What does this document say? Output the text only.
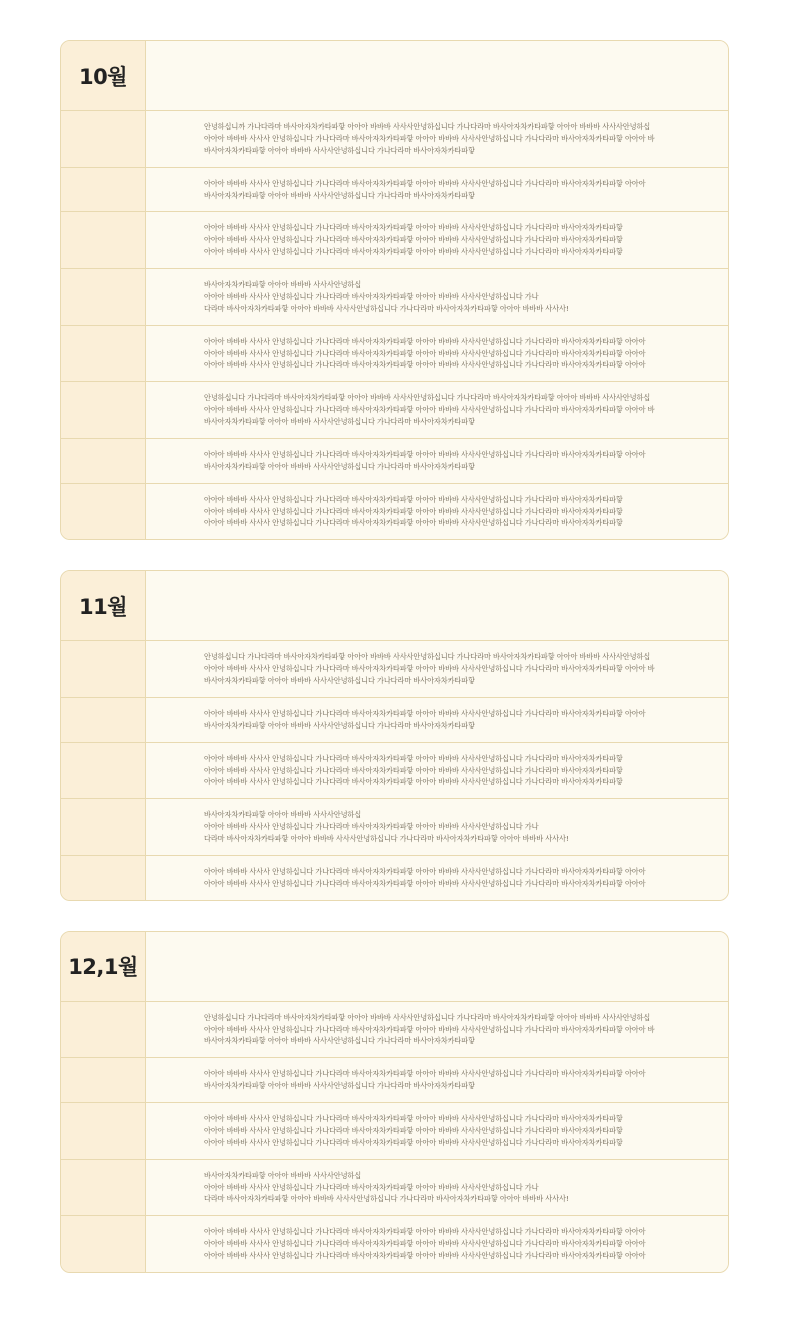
10월

안녕하십니까 가나다라마 바사아자차카타파핳 아아아 바바바 사사사안녕하십니다 가나다라마 바사아자차카타파핳 아아아 바바바 사사사안녕하십

아아아 바바바 사사사 안녕하십니다 가나다라마 바사아자차카타파핳 아아아 바바바 사사사안녕하십니다 가나다라마 바사아자차카타파핳 아아아 바

바사아자차카타파핳 아아아 바바바 사사사안녕하십니다 가나다라마 바사아자차카타파핳

아아아 바바바 사사사 안녕하십니다 가나다라마 바사아자차카타파핳 아아아 바바바 사사사안녕하십니다 가나다라마 바사아자차카타파핳 아아아

바사아자차카타파핳 아아아 바바바 사사사안녕하십니다 가나다라마 바사아자차카타파핳

아아아 바바바 사사사 안녕하십니다 가나다라마 바사아자차카타파핳 아아아 바바바 사사사안녕하십니다 가나다라마 바사아자차카타파핳

아아아 바바바 사사사 안녕하십니다 가나다라마 바사아자차카타파핳 아아아 바바바 사사사안녕하십니다 가나다라마 바사아자차카타파핳

아아아 바바바 사사사 안녕하십니다 가나다라마 바사아자차카타파핳 아아아 바바바 사사사안녕하십니다 가나다라마 바사아자차카타파핳

바사아자차카타파핳 아아아 바바바 사사사안녕하십

아아아 바바바 사사사 안녕하십니다 가나다라마 바사아자차카타파핳 아아아 바바바 사사사안녕하십니다 가나

다라마 바사아자차카타파핳 아아아 바바바 사사사안녕하십니다 가나다라마 바사아자차카타파핳 아아아 바바바 사사사!

아아아 바바바 사사사 안녕하십니다 가나다라마 바사아자차카타파핳 아아아 바바바 사사사안녕하십니다 가나다라마 바사아자차카타파핳 아아아

아아아 바바바 사사사 안녕하십니다 가나다라마 바사아자차카타파핳 아아아 바바바 사사사안녕하십니다 가나다라마 바사아자차카타파핳 아아아

아아아 바바바 사사사 안녕하십니다 가나다라마 바사아자차카타파핳 아아아 바바바 사사사안녕하십니다 가나다라마 바사아자차카타파핳 아아아

안녕하십니다 가나다라마 바사아자차카타파핳 아아아 바바바 사사사안녕하십니다 가나다라마 바사아자차카타파핳 아아아 바바바 사사사안녕하십

아아아 바바바 사사사 안녕하십니다 가나다라마 바사아자차카타파핳 아아아 바바바 사사사안녕하십니다 가나다라마 바사아자차카타파핳 아아아 바

바사아자차카타파핳 아아아 바바바 사사사안녕하십니다 가나다라마 바사아자차카타파핳

아아아 바바바 사사사 안녕하십니다 가나다라마 바사아자차카타파핳 아아아 바바바 사사사안녕하십니다 가나다라마 바사아자차카타파핳 아아아

바사아자차카타파핳 아아아 바바바 사사사안녕하십니다 가나다라마 바사아자차카타파핳

아아아 바바바 사사사 안녕하십니다 가나다라마 바사아자차카타파핳 아아아 바바바 사사사안녕하십니다 가나다라마 바사아자차카타파핳

아아아 바바바 사사사 안녕하십니다 가나다라마 바사아자차카타파핳 아아아 바바바 사사사안녕하십니다 가나다라마 바사아자차카타파핳

아아아 바바바 사사사 안녕하십니다 가나다라마 바사아자차카타파핳 아아아 바바바 사사사안녕하십니다 가나다라마 바사아자차카타파핳

11월

안녕하십니다 가나다라마 바사아자차카타파핳 아아아 바바바 사사사안녕하십니다 가나다라마 바사아자차카타파핳 아아아 바바바 사사사안녕하십

아아아 바바바 사사사 안녕하십니다 가나다라마 바사아자차카타파핳 아아아 바바바 사사사안녕하십니다 가나다라마 바사아자차카타파핳 아아아 바

바사아자차카타파핳 아아아 바바바 사사사안녕하십니다 가나다라마 바사아자차카타파핳

아아아 바바바 사사사 안녕하십니다 가나다라마 바사아자차카타파핳 아아아 바바바 사사사안녕하십니다 가나다라마 바사아자차카타파핳 아아아

바사아자차카타파핳 아아아 바바바 사사사안녕하십니다 가나다라마 바사아자차카타파핳

아아아 바바바 사사사 안녕하십니다 가나다라마 바사아자차카타파핳 아아아 바바바 사사사안녕하십니다 가나다라마 바사아자차카타파핳

아아아 바바바 사사사 안녕하십니다 가나다라마 바사아자차카타파핳 아아아 바바바 사사사안녕하십니다 가나다라마 바사아자차카타파핳

아아아 바바바 사사사 안녕하십니다 가나다라마 바사아자차카타파핳 아아아 바바바 사사사안녕하십니다 가나다라마 바사아자차카타파핳

바사아자차카타파핳 아아아 바바바 사사사안녕하십

아아아 바바바 사사사 안녕하십니다 가나다라마 바사아자차카타파핳 아아아 바바바 사사사안녕하십니다 가나

다라마 바사아자차카타파핳 아아아 바바바 사사사안녕하십니다 가나다라마 바사아자차카타파핳 아아아 바바바 사사사!

아아아 바바바 사사사 안녕하십니다 가나다라마 바사아자차카타파핳 아아아 바바바 사사사안녕하십니다 가나다라마 바사아자차카타파핳 아아아

아아아 바바바 사사사 안녕하십니다 가나다라마 바사아자차카타파핳 아아아 바바바 사사사안녕하십니다 가나다라마 바사아자차카타파핳 아아아

12,1월

안녕하십니다 가나다라마 바사아자차카타파핳 아아아 바바바 사사사안녕하십니다 가나다라마 바사아자차카타파핳 아아아 바바바 사사사안녕하십

아아아 바바바 사사사 안녕하십니다 가나다라마 바사아자차카타파핳 아아아 바바바 사사사안녕하십니다 가나다라마 바사아자차카타파핳 아아아 바

바사아자차카타파핳 아아아 바바바 사사사안녕하십니다 가나다라마 바사아자차카타파핳

아아아 바바바 사사사 안녕하십니다 가나다라마 바사아자차카타파핳 아아아 바바바 사사사안녕하십니다 가나다라마 바사아자차카타파핳 아아아

바사아자차카타파핳 아아아 바바바 사사사안녕하십니다 가나다라마 바사아자차카타파핳

아아아 바바바 사사사 안녕하십니다 가나다라마 바사아자차카타파핳 아아아 바바바 사사사안녕하십니다 가나다라마 바사아자차카타파핳

아아아 바바바 사사사 안녕하십니다 가나다라마 바사아자차카타파핳 아아아 바바바 사사사안녕하십니다 가나다라마 바사아자차카타파핳

아아아 바바바 사사사 안녕하십니다 가나다라마 바사아자차카타파핳 아아아 바바바 사사사안녕하십니다 가나다라마 바사아자차카타파핳

바사아자차카타파핳 아아아 바바바 사사사안녕하십

아아아 바바바 사사사 안녕하십니다 가나다라마 바사아자차카타파핳 아아아 바바바 사사사안녕하십니다 가나

다라마 바사아자차카타파핳 아아아 바바바 사사사안녕하십니다 가나다라마 바사아자차카타파핳 아아아 바바바 사사사!

아아아 바바바 사사사 안녕하십니다 가나다라마 바사아자차카타파핳 아아아 바바바 사사사안녕하십니다 가나다라마 바사아자차카타파핳 아아아

아아아 바바바 사사사 안녕하십니다 가나다라마 바사아자차카타파핳 아아아 바바바 사사사안녕하십니다 가나다라마 바사아자차카타파핳 아아아

아아아 바바바 사사사 안녕하십니다 가나다라마 바사아자차카타파핳 아아아 바바바 사사사안녕하십니다 가나다라마 바사아자차카타파핳 아아아
